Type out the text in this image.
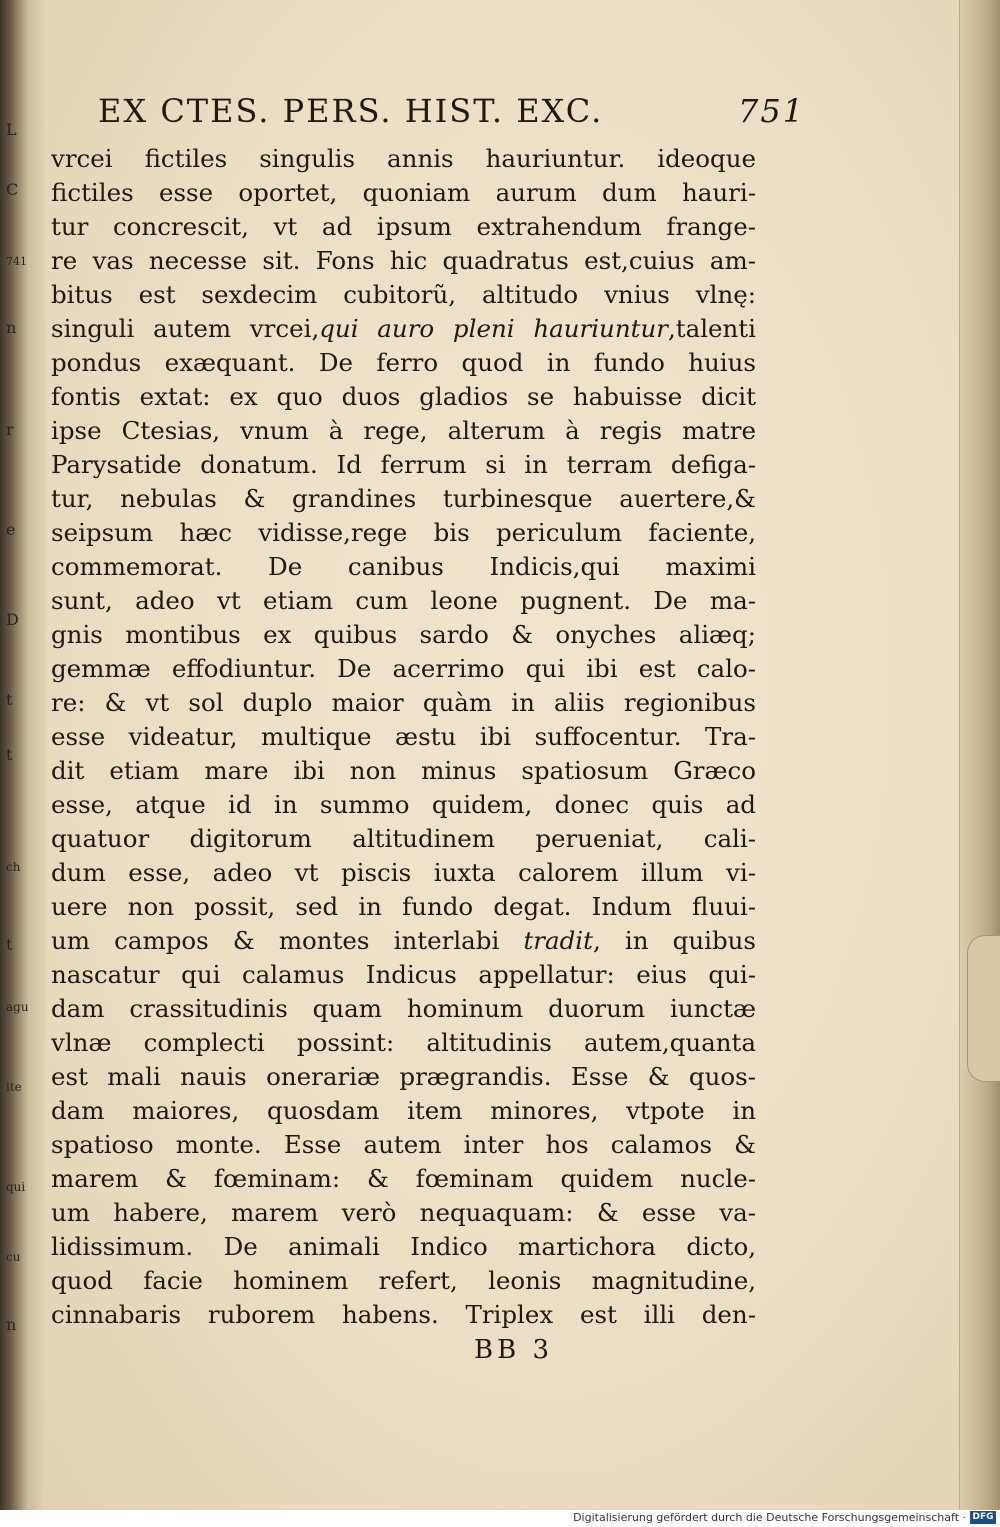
L
C
741
n
r
e
D
t
t
ch
t
agu
ite
qui
cu
n
EX CTES. PERS. HIST. EXC.	751
vrcei fictiles singulis annis hauriuntur. ideoque
fictiles esse oportet, quoniam aurum dum hauri-
tur concrescit, vt ad ipsum extrahendum frange-
re vas necesse sit. Fons hic quadratus est,cuius am-
bitus est sexdecim cubitorũ, altitudo vnius vlnę:
singuli autem vrcei,qui auro pleni hauriuntur,talenti
pondus exæquant. De ferro quod in fundo huius
fontis extat: ex quo duos gladios se habuisse dicit
ipse Ctesias, vnum à rege, alterum à regis matre
Parysatide donatum. Id ferrum si in terram defiga-
tur, nebulas & grandines turbinesque auertere,&
seipsum hæc vidisse,rege bis periculum faciente,
commemorat. De canibus Indicis,qui maximi
sunt, adeo vt etiam cum leone pugnent. De ma-
gnis montibus ex quibus sardo & onyches aliæq;
gemmæ effodiuntur. De acerrimo qui ibi est calo-
re: & vt sol duplo maior quàm in aliis regionibus
esse videatur, multique æstu ibi suffocentur. Tra-
dit etiam mare ibi non minus spatiosum Græco
esse, atque id in summo quidem, donec quis ad
quatuor digitorum altitudinem perueniat, cali-
dum esse, adeo vt piscis iuxta calorem illum vi-
uere non possit, sed in fundo degat. Indum fluui-
um campos & montes interlabi tradit, in quibus
nascatur qui calamus Indicus appellatur: eius qui-
dam crassitudinis quam hominum duorum iunctæ
vlnæ complecti possint: altitudinis autem,quanta
est mali nauis onerariæ prægrandis. Esse & quos-
dam maiores, quosdam item minores, vtpote in
spatioso monte. Esse autem inter hos calamos &
marem & fœminam: & fœminam quidem nucle-
um habere, marem verò nequaquam: & esse va-
lidissimum. De animali Indico martichora dicto,
quod facie hominem refert, leonis magnitudine,
cinnabaris ruborem habens. Triplex est illi den-
BB 3
Digitalisierung gefördert durch die Deutsche Forschungsgemeinschaft · DFG
